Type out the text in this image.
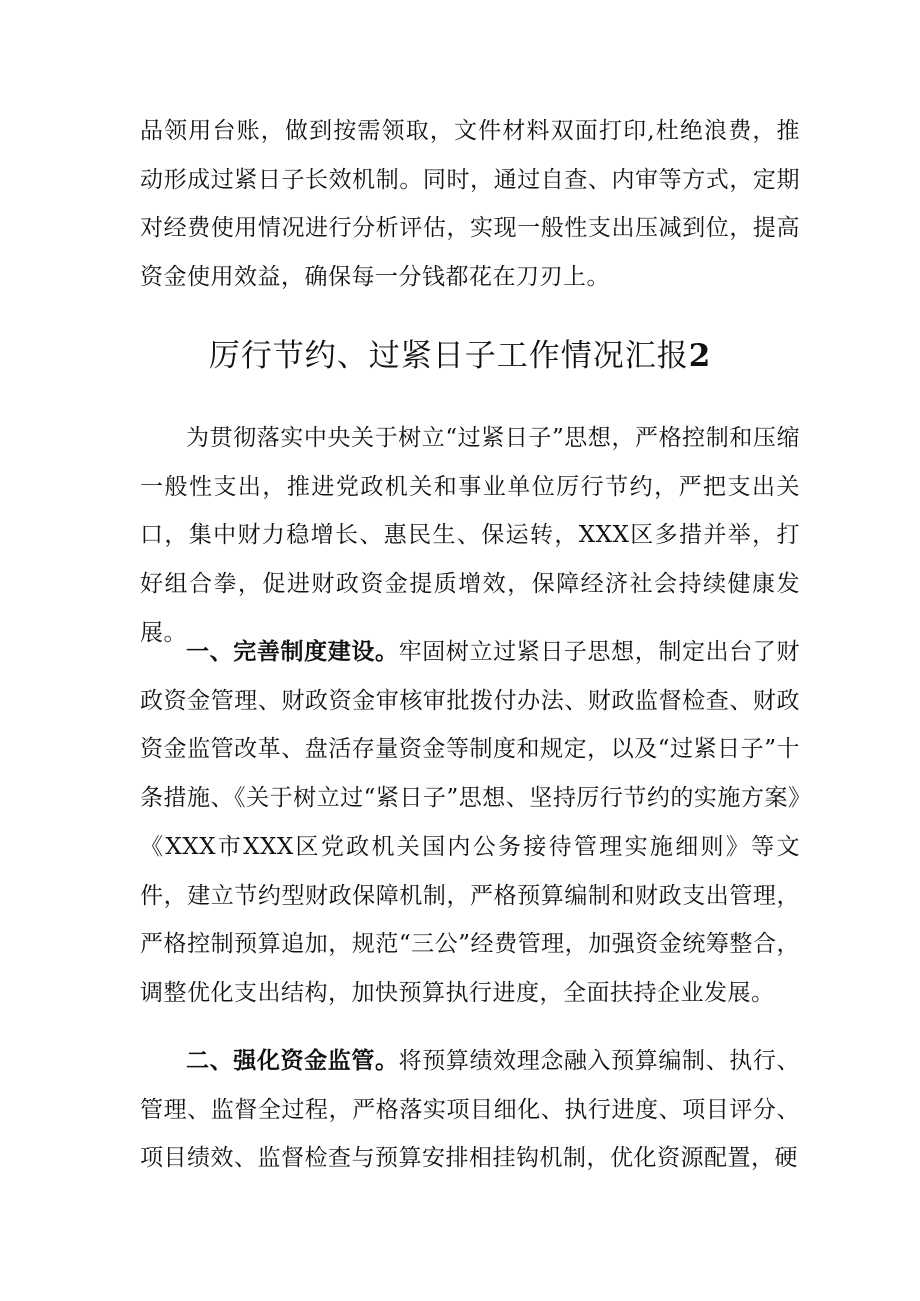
品领用台账，做到按需领取，文件材料双面打印,杜绝浪费，推动形成过紧日子长效机制。同时，通过自查、内审等方式，定期对经费使用情况进行分析评估，实现一般性支出压减到位，提高资金使用效益，确保每一分钱都花在刀刃上。

厉行节约、过紧日子工作情况汇报2

为贯彻落实中央关于树立“过紧日子”思想，严格控制和压缩一般性支出，推进党政机关和事业单位厉行节约，严把支出关口，集中财力稳增长、惠民生、保运转，XXX区多措并举，打好组合拳，促进财政资金提质增效，保障经济社会持续健康发展。

一、完善制度建设。牢固树立过紧日子思想，制定出台了财政资金管理、财政资金审核审批拨付办法、财政监督检查、财政资金监管改革、盘活存量资金等制度和规定，以及“过紧日子”十条措施、《关于树立过“紧日子”思想、坚持厉行节约的实施方案》《XXX市XXX区党政机关国内公务接待管理实施细则》等文件，建立节约型财政保障机制，严格预算编制和财政支出管理，严格控制预算追加，规范“三公”经费管理，加强资金统筹整合，调整优化支出结构，加快预算执行进度，全面扶持企业发展。

二、强化资金监管。将预算绩效理念融入预算编制、执行、管理、监督全过程，严格落实项目细化、执行进度、项目评分、项目绩效、监督检查与预算安排相挂钩机制，优化资源配置，硬
